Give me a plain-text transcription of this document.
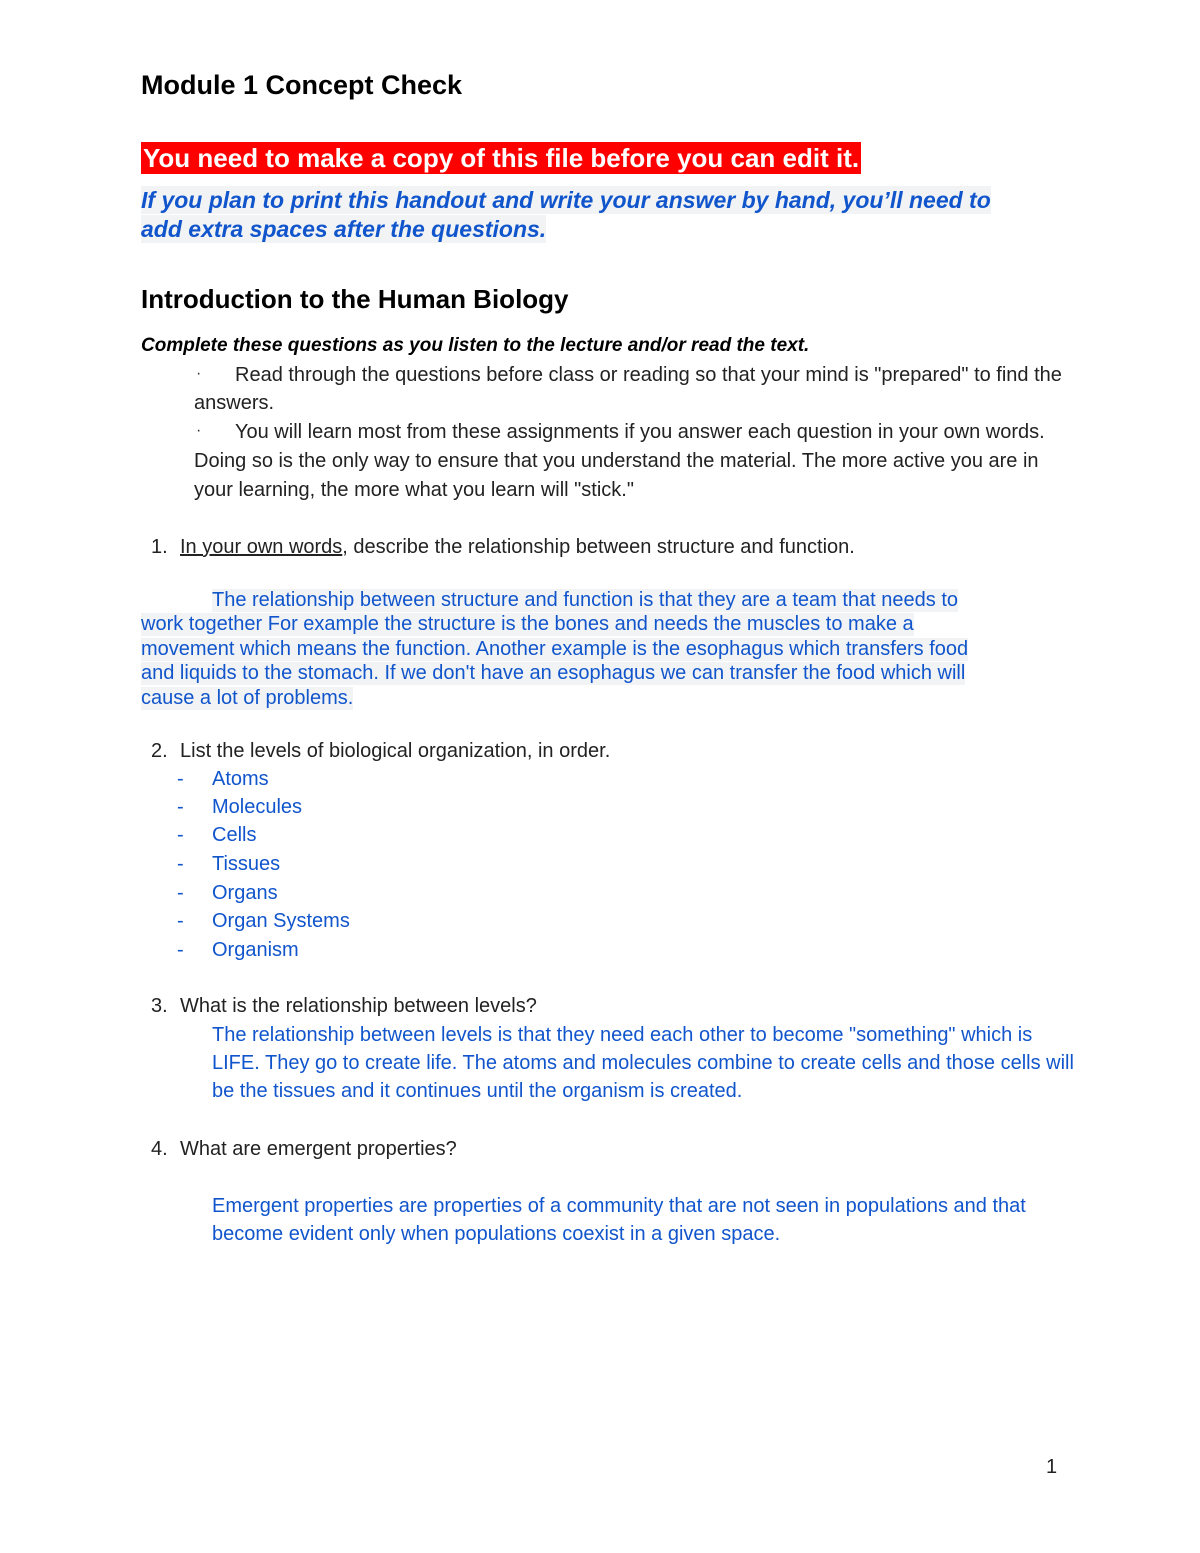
Module 1 Concept Check
You need to make a copy of this file before you can edit it.
If you plan to print this handout and write your answer by hand, you’ll need to
add extra spaces after the questions.
Introduction to the Human Biology
Complete these questions as you listen to the lecture and/or read the text.
· Read through the questions before class or reading so that your mind is "prepared" to find the
answers.
· You will learn most from these assignments if you answer each question in your own words.
Doing so is the only way to ensure that you understand the material. The more active you are in
your learning, the more what you learn will "stick."
1. In your own words, describe the relationship between structure and function.
The relationship between structure and function is that they are a team that needs to
work together For example the structure is the bones and needs the muscles to make a
movement which means the function. Another example is the esophagus which transfers food
and liquids to the stomach. If we don't have an esophagus we can transfer the food which will
cause a lot of problems.
2. List the levels of biological organization, in order.
- Atoms
- Molecules
- Cells
- Tissues
- Organs
- Organ Systems
- Organism
3. What is the relationship between levels?
The relationship between levels is that they need each other to become "something" which is
LIFE. They go to create life. The atoms and molecules combine to create cells and those cells will
be the tissues and it continues until the organism is created.
4. What are emergent properties?
Emergent properties are properties of a community that are not seen in populations and that
become evident only when populations coexist in a given space.
1
